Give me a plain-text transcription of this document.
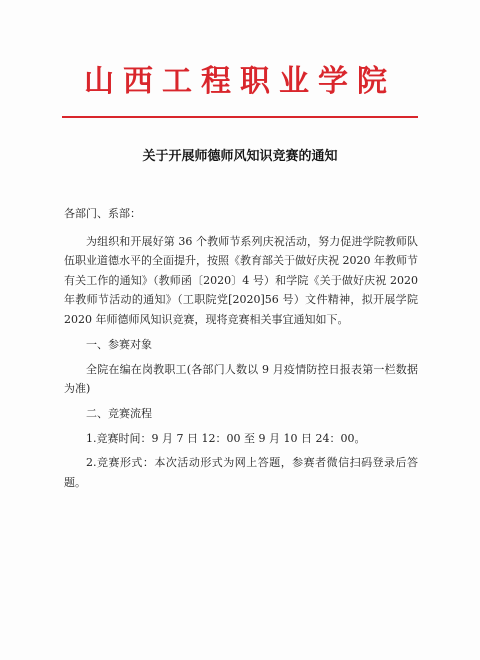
山西工程职业学院
关于开展师德师风知识竞赛的通知

各部门、系部：

为组织和开展好第 36 个教师节系列庆祝活动，努力促进学院教师队伍职业道德水平的全面提升，按照《教育部关于做好庆祝 2020 年教师节有关工作的通知》（教师函〔2020〕4 号）和学院《关于做好庆祝 2020 年教师节活动的通知》（工职院党[2020]56 号）文件精神，拟开展学院 2020 年师德师风知识竞赛，现将竞赛相关事宜通知如下。

一、参赛对象

全院在编在岗教职工(各部门人数以 9 月疫情防控日报表第一栏数据为准)

二、竞赛流程

1.竞赛时间：9 月 7 日 12：00 至 9 月 10 日 24：00。

2.竞赛形式：本次活动形式为网上答题，参赛者微信扫码登录后答题。
